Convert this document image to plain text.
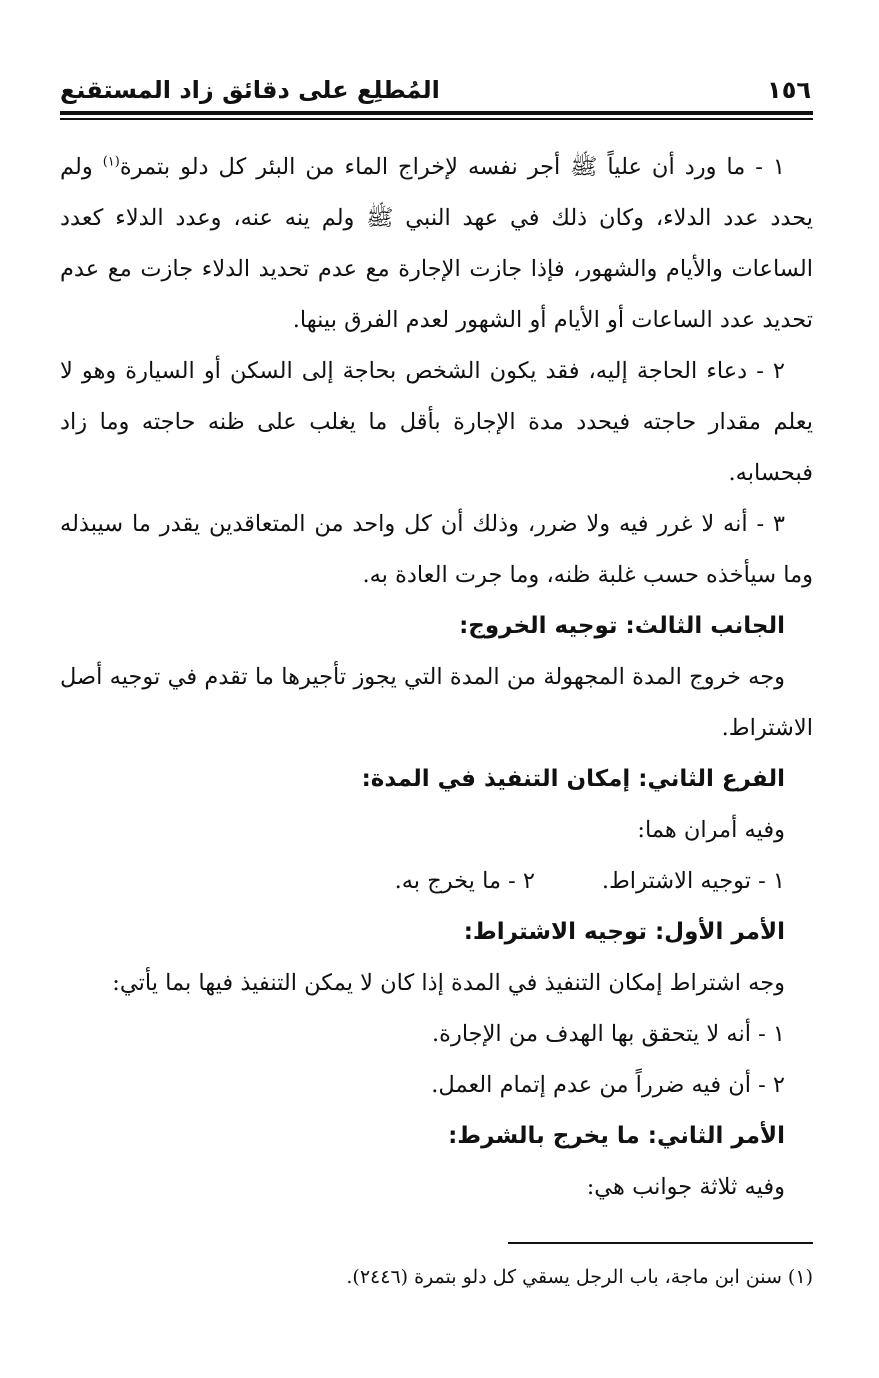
١٥٦
المُطلِع على دقائق زاد المستقنع

١ - ما ورد أن علياً ﷺ أجر نفسه لإخراج الماء من البئر كل دلو بتمرة$^{(١)}$ ولم يحدد عدد الدلاء، وكان ذلك في عهد النبي ﷺ ولم ينه عنه، وعدد الدلاء كعدد الساعات والأيام والشهور، فإذا جازت الإجارة مع عدم تحديد الدلاء جازت مع عدم تحديد عدد الساعات أو الأيام أو الشهور لعدم الفرق بينها.

٢ - دعاء الحاجة إليه، فقد يكون الشخص بحاجة إلى السكن أو السيارة وهو لا يعلم مقدار حاجته فيحدد مدة الإجارة بأقل ما يغلب على ظنه حاجته وما زاد فبحسابه.

٣ - أنه لا غرر فيه ولا ضرر، وذلك أن كل واحد من المتعاقدين يقدر ما سيبذله وما سيأخذه حسب غلبة ظنه، وما جرت العادة به.

الجانب الثالث: توجيه الخروج:

وجه خروج المدة المجهولة من المدة التي يجوز تأجيرها ما تقدم في توجيه أصل الاشتراط.

الفرع الثاني: إمكان التنفيذ في المدة:

وفيه أمران هما:

١ - توجيه الاشتراط.
٢ - ما يخرج به.

الأمر الأول: توجيه الاشتراط:

وجه اشتراط إمكان التنفيذ في المدة إذا كان لا يمكن التنفيذ فيها بما يأتي:

١ - أنه لا يتحقق بها الهدف من الإجارة.

٢ - أن فيه ضرراً من عدم إتمام العمل.

الأمر الثاني: ما يخرج بالشرط:

وفيه ثلاثة جوانب هي:

(١) سنن ابن ماجة، باب الرجل يسقي كل دلو بتمرة (٢٤٤٦).
